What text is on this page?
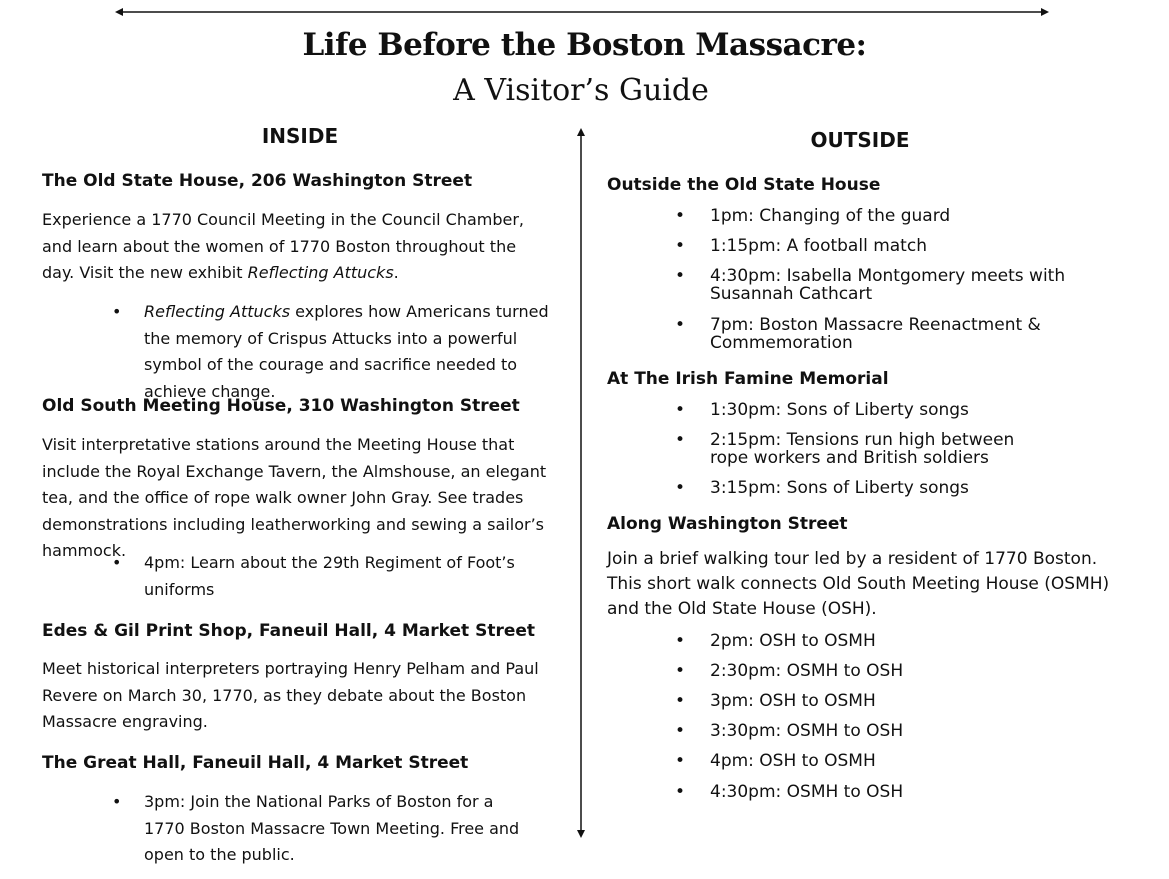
Life Before the Boston Massacre:
A Visitor’s Guide
INSIDE
The Old State House, 206 Washington Street
Experience a 1770 Council Meeting in the Council Chamber, and learn about the women of 1770 Boston throughout the day. Visit the new exhibit Reflecting Attucks.
• Reflecting Attucks explores how Americans turned the memory of Crispus Attucks into a powerful symbol of the courage and sacrifice needed to achieve change.
Old South Meeting House, 310 Washington Street
Visit interpretative stations around the Meeting House that include the Royal Exchange Tavern, the Almshouse, an elegant tea, and the office of rope walk owner John Gray. See trades demonstrations including leatherworking and sewing a sailor’s hammock.
• 4pm: Learn about the 29th Regiment of Foot’s uniforms
Edes & Gil Print Shop, Faneuil Hall, 4 Market Street
Meet historical interpreters portraying Henry Pelham and Paul Revere on March 30, 1770, as they debate about the Boston Massacre engraving.
The Great Hall, Faneuil Hall, 4 Market Street
• 3pm: Join the National Parks of Boston for a 1770 Boston Massacre Town Meeting. Free and open to the public.
OUTSIDE
Outside the Old State House
• 1pm: Changing of the guard
• 1:15pm: A football match
• 4:30pm: Isabella Montgomery meets with Susannah Cathcart
• 7pm: Boston Massacre Reenactment & Commemoration
At The Irish Famine Memorial
• 1:30pm: Sons of Liberty songs
• 2:15pm: Tensions run high between rope workers and British soldiers
• 3:15pm: Sons of Liberty songs
Along Washington Street
Join a brief walking tour led by a resident of 1770 Boston. This short walk connects Old South Meeting House (OSMH) and the Old State House (OSH).
• 2pm: OSH to OSMH
• 2:30pm: OSMH to OSH
• 3pm: OSH to OSMH
• 3:30pm: OSMH to OSH
• 4pm: OSH to OSMH
• 4:30pm: OSMH to OSH
